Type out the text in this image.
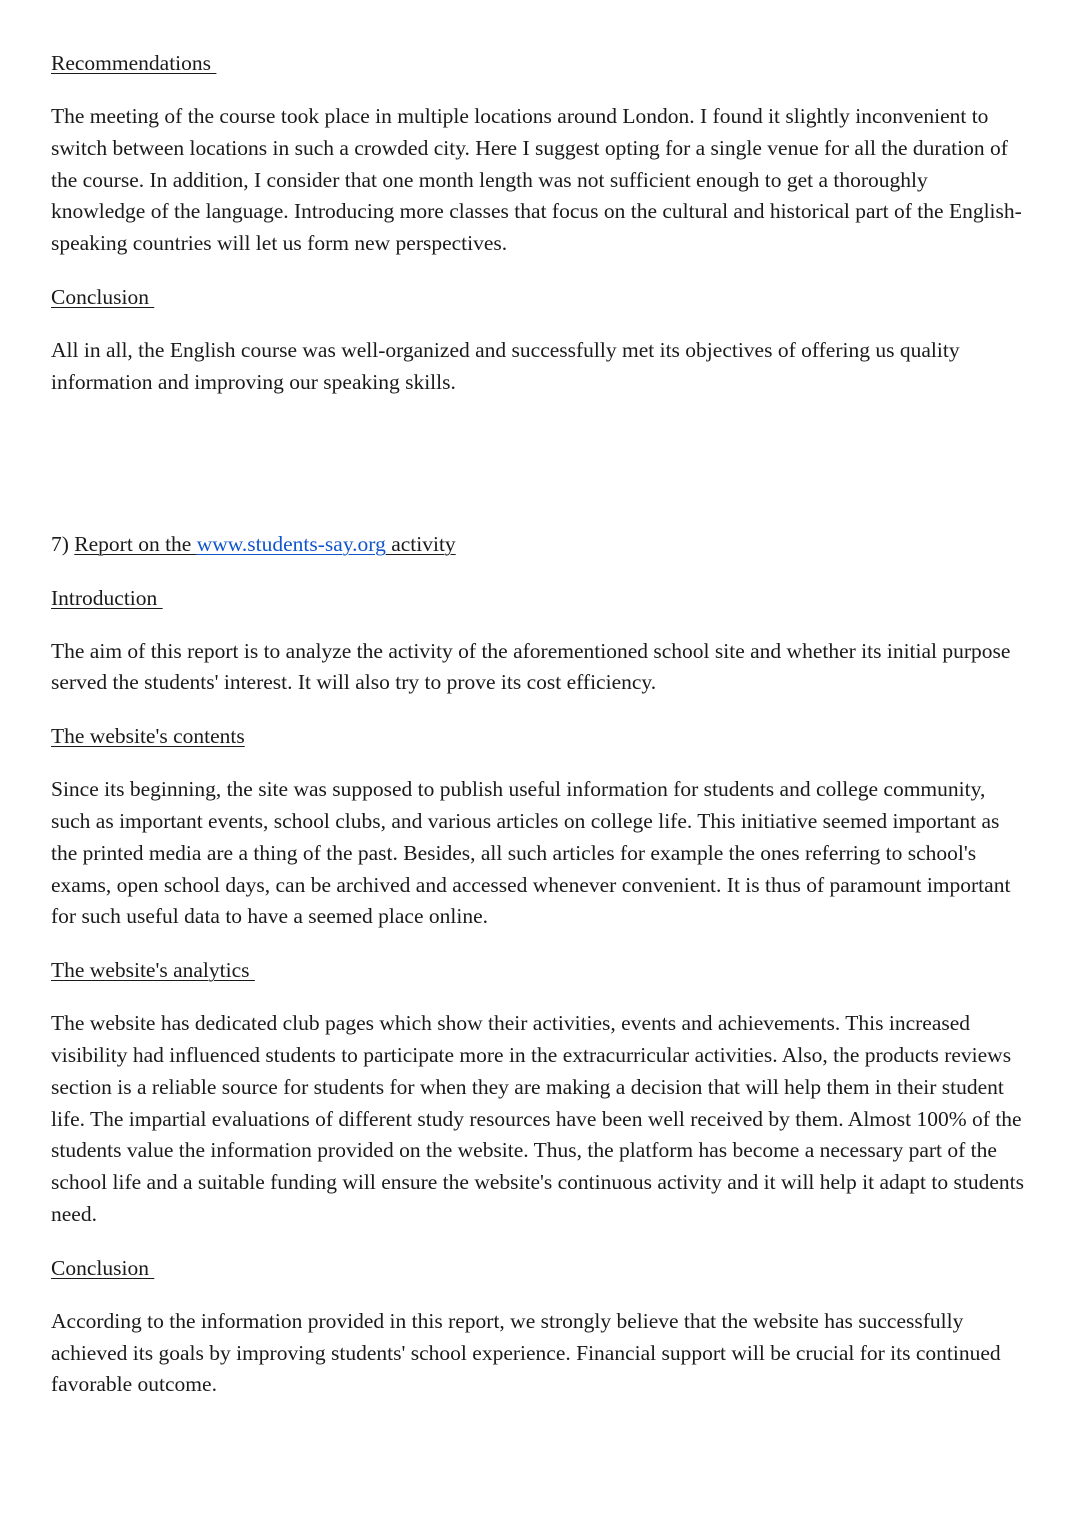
Recommendations

The meeting of the course took place in multiple locations around London. I found it slightly inconvenient to switch between locations in such a crowded city. Here I suggest opting for a single venue for all the duration of the course. In addition, I consider that one month length was not sufficient enough to get a thoroughly knowledge of the language. Introducing more classes that focus on the cultural and historical part of the English-speaking countries will let us form new perspectives.

Conclusion

All in all, the English course was well-organized and successfully met its objectives of offering us quality information and improving our speaking skills.

7) Report on the www.students-say.org activity
Introduction

The aim of this report is to analyze the activity of the aforementioned school site and whether its initial purpose served the students' interest. It will also try to prove its cost efficiency.

The website's contents

Since its beginning, the site was supposed to publish useful information for students and college community, such as important events, school clubs, and various articles on college life. This initiative seemed important as the printed media are a thing of the past. Besides, all such articles for example the ones referring to school's exams, open school days, can be archived and accessed whenever convenient. It is thus of paramount important for such useful data to have a seemed place online.

The website's analytics

The website has dedicated club pages which show their activities, events and achievements. This increased visibility had influenced students to participate more in the extracurricular activities. Also, the products reviews section is a reliable source for students for when they are making a decision that will help them in their student life. The impartial evaluations of different study resources have been well received by them. Almost 100% of the students value the information provided on the website. Thus, the platform has become a necessary part of the school life and a suitable funding will ensure the website's continuous activity and it will help it adapt to students need.

Conclusion

According to the information provided in this report, we strongly believe that the website has successfully achieved its goals by improving students' school experience. Financial support will be crucial for its continued favorable outcome.
